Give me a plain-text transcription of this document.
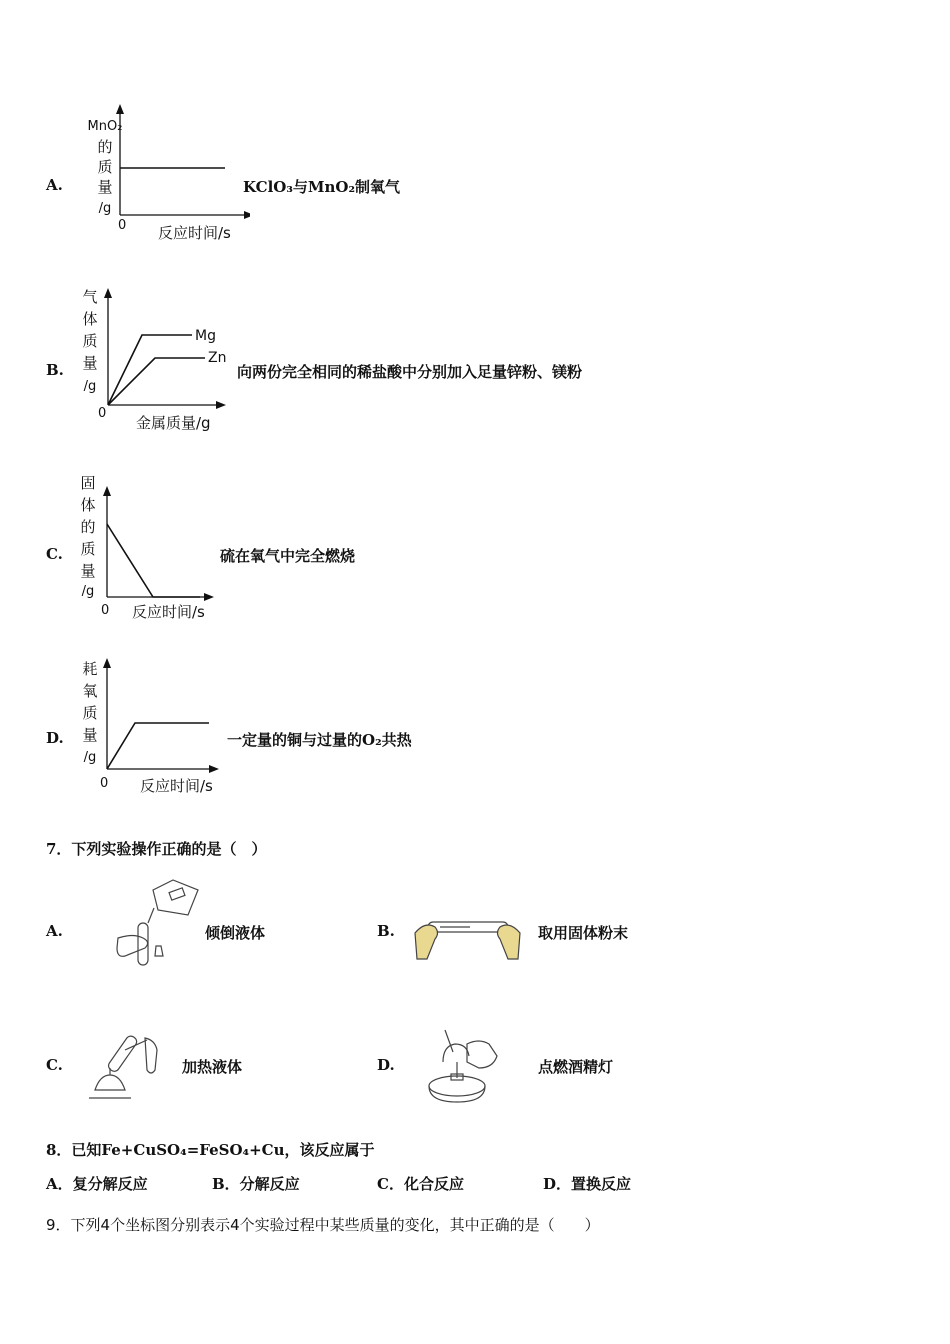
A.
MnO₂
的
质
量
/g
0 反应时间/s
KClO₃与MnO₂制氧气
B.
Mg
Zn
气
体
质
量
/g
0
金属质量/g
向两份完全相同的稀盐酸中分别加入足量锌粉、镁粉
C.
固
体
的
质
量
/g
0 反应时间/s
硫在氧气中完全燃烧
D.
耗
氧
质
量
/g
0 反应时间/s
一定量的铜与过量的O₂共热
7．下列实验操作正确的是（　）
A.	倾倒液体	B.	取用固体粉末
C.	加热液体	D.	点燃酒精灯
8．已知Fe+CuSO₄=FeSO₄+Cu，该反应属于
A．复分解反应	B．分解反应	C．化合反应	D．置换反应
9．下列4个坐标图分别表示4个实验过程中某些质量的变化，其中正确的是（　　）
